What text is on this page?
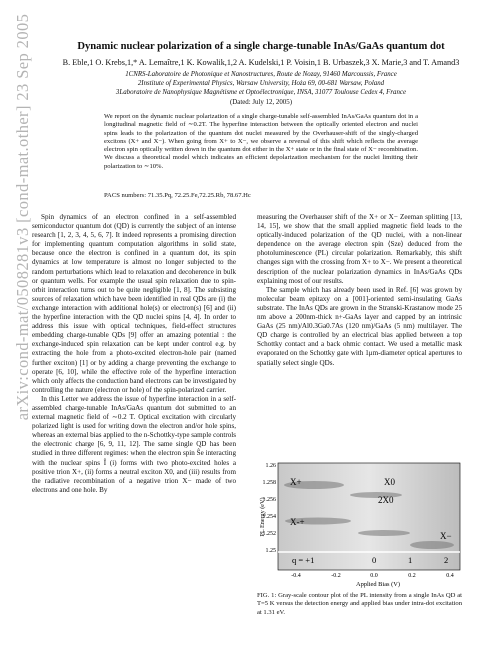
arXiv:cond-mat/0508281v3 [cond-mat.other] 23 Sep 2005	Dynamic nuclear polarization of a single charge-tunable InAs/GaAs quantum dot
B. Eble,1 O. Krebs,1,* A. Lemaître,1 K. Kowalik,1,2 A. Kudelski,1 P. Voisin,1 B. Urbaszek,3 X. Marie,3 and T. Amand3
1CNRS-Laboratoire de Photonique et Nanostructures, Route de Nozay, 91460 Marcoussis, France
2Institute of Experimental Physics, Warsaw University, Hoża 69, 00-681 Warsaw, Poland
3Laboratoire de Nanophysique Magnétisme et Optoélectronique, INSA, 31077 Toulouse Cedex 4, France
(Dated: July 12, 2005)
We report on the dynamic nuclear polarization of a single charge-tunable self-assembled InAs/GaAs quantum dot in a longitudinal magnetic field of ∼0.2T. The hyperfine interaction between the optically oriented electron and nuclei spins leads to the polarization of the quantum dot nuclei measured by the Overhauser-shift of the singly-charged excitons (X+ and X−). When going from X+ to X−, we observe a reversal of this shift which reflects the average electron spin optically written down in the quantum dot either in the X+ state or in the final state of X− recombination. We discuss a theoretical model which indicates an efficient depolarization mechanism for the nuclei limiting their polarization to ∼10%.
PACS numbers: 71.35.Pq, 72.25.Fe,72.25.Rb, 78.67.Hc

Spin dynamics of an electron confined in a self-assembled semiconductor quantum dot (QD) is currently the subject of an intense research [1, 2, 3, 4, 5, 6, 7]. It indeed represents a promising direction for implementing quantum computation algorithms in solid state, because once the electron is confined in a quantum dot, its spin dynamics at low temperature is almost no longer subjected to the random perturbations which lead to relaxation and decoherence in bulk or quantum wells. For example the usual spin relaxation due to spin-orbit interaction turns out to be quite negligible [1, 8]. The subsisting sources of relaxation which have been identified in real QDs are (i) the exchange interaction with additional hole(s) or electron(s) [6] and (ii) the hyperfine interaction with the QD nuclei spins [4, 4]. In order to address this issue with optical techniques, field-effect structures embedding charge-tunable QDs [9] offer an amazing potential : the exchange-induced spin relaxation can be kept under control e.g. by extracting the hole from a photo-excited electron-hole pair (named further exciton) [1] or by adding a charge preventing the exchange to operate [6, 10], while the effective role of the hyperfine interaction which only affects the conduction band electrons can be investigated by controlling the nature (electron or hole) of the spin-polarized carrier.

In this Letter we address the issue of hyperfine interaction in a self-assembled charge-tunable InAs/GaAs quantum dot submitted to an external magnetic field of ∼0.2 T. Optical excitation with circularly polarized light is used for writing down the electron and/or hole spins, whereas an external bias applied to the n-Schottky-type sample controls the electronic charge [6, 9, 11, 12]. The same single QD has been studied in three different regimes: when the electron spin Ŝe interacting with the nuclear spins Î (i) forms with two photo-excited holes a positive trion X+, (ii) forms a neutral exciton X0, and (iii) results from the radiative recombination of a negative trion X− made of two electrons and one hole. By

measuring the Overhauser shift of the X+ or X− Zeeman splitting [13, 14, 15], we show that the small applied magnetic field leads to the optically-induced polarization of the QD nuclei, with a non-linear dependence on the average electron spin ⟨Sze⟩ deduced from the photoluminescence (PL) circular polarization. Remarkably, this shift changes sign with the crossing from X+ to X−. We present a theoretical description of the nuclear polarization dynamics in InAs/GaAs QDs explaining most of our results.

The sample which has already been used in Ref. [6] was grown by molecular beam epitaxy on a [001]-oriented semi-insulating GaAs substrate. The InAs QDs are grown in the Stranski-Krastanow mode 25 nm above a 200nm-thick n+-GaAs layer and capped by an intrinsic GaAs (25 nm)/Al0.3Ga0.7As (120 nm)/GaAs (5 nm) multilayer. The QD charge is controlled by an electrical bias applied between a top Schottky contact and a back ohmic contact. We used a metallic mask evaporated on the Schottky gate with 1μm-diameter optical apertures to spatially select single QDs.

1.26
1.258
1.256
1.254
1.252
1.25
-0.4	-0.2	0.0	0.2	0.4
Applied Bias (V)
PL Energy (eV)
X+	X0
2X0
X-+
X−
q = +1	0	1	2
FIG. 1: Gray-scale contour plot of the PL intensity from a single InAs QD at T=5 K versus the detection energy and applied bias under intra-dot excitation at 1.31 eV.
